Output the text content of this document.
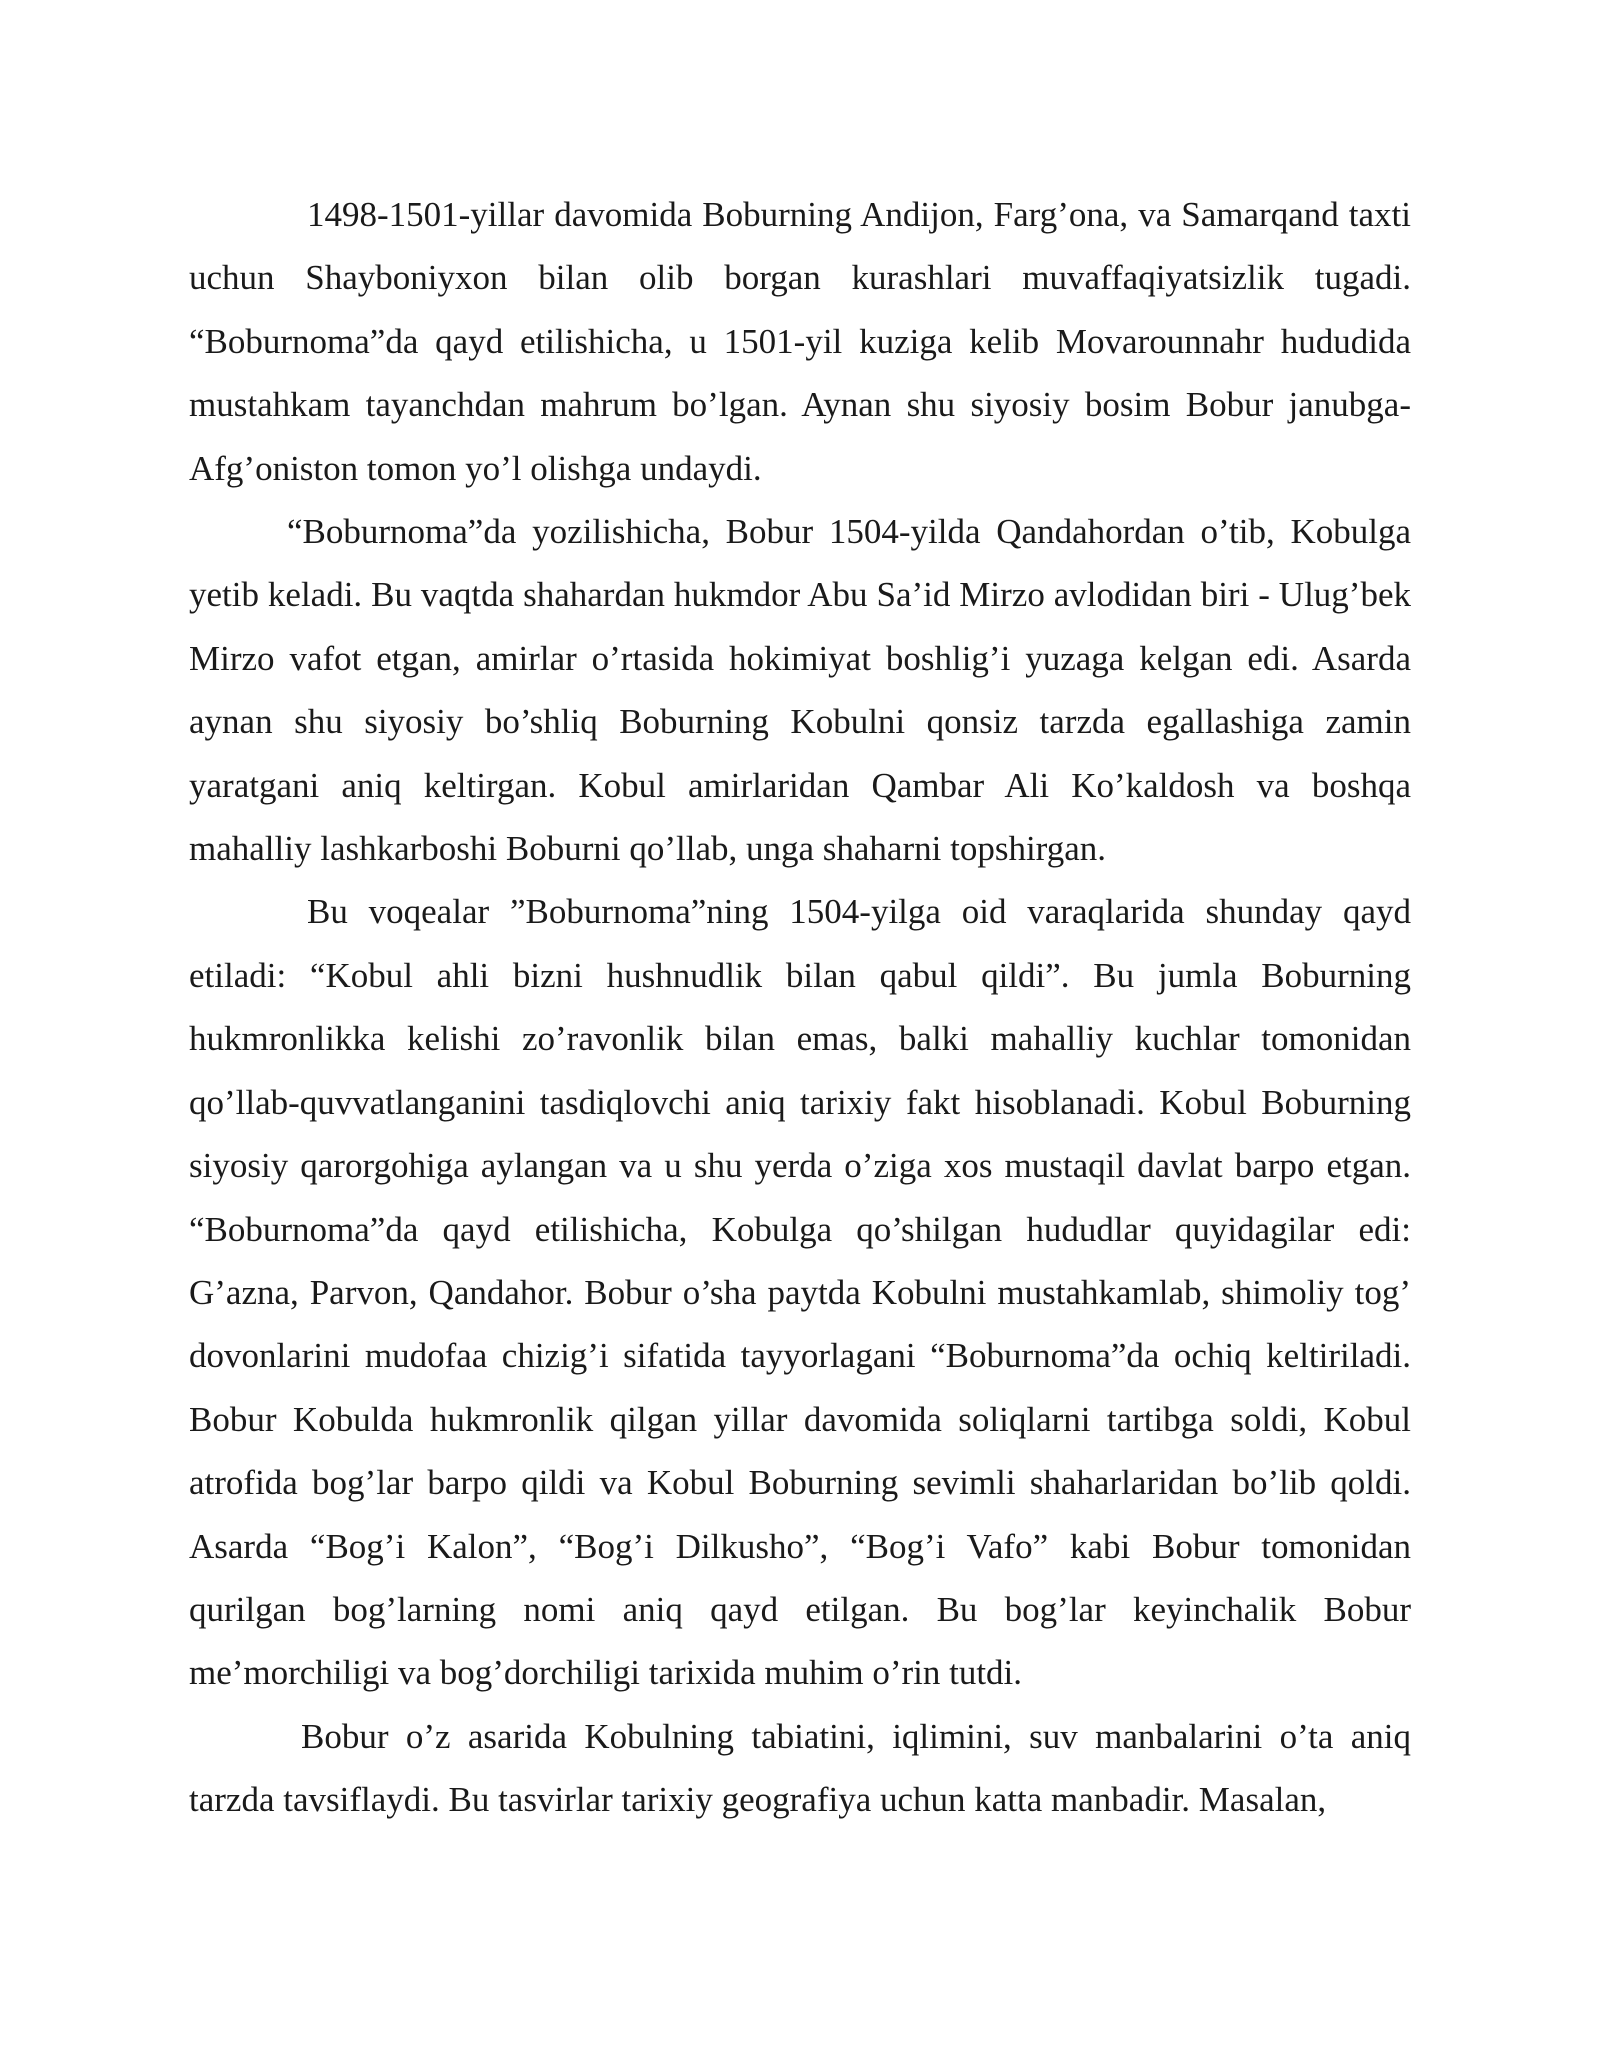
1498-1501-yillar davomida Boburning Andijon, Farg’ona, va Samarqand taxti uchun Shayboniyxon bilan olib borgan kurashlari muvaffaqiyatsizlik tugadi. “Boburnoma”da qayd etilishicha, u 1501-yil kuziga kelib Movarounnahr hududida mustahkam tayanchdan mahrum bo’lgan. Aynan shu siyosiy bosim Bobur janubga-Afg’oniston tomon yo’l olishga undaydi.

“Boburnoma”da yozilishicha, Bobur 1504-yilda Qandahordan o’tib, Kobulga yetib keladi. Bu vaqtda shahardan hukmdor Abu Sa’id Mirzo avlodidan biri - Ulug’bek Mirzo vafot etgan, amirlar o’rtasida hokimiyat boshlig’i yuzaga kelgan edi. Asarda aynan shu siyosiy bo’shliq Boburning Kobulni qonsiz tarzda egallashiga zamin yaratgani aniq keltirgan. Kobul amirlaridan Qambar Ali Ko’kaldosh va boshqa mahalliy lashkarboshi Boburni qo’llab, unga shaharni topshirgan.

Bu voqealar ”Boburnoma”ning 1504-yilga oid varaqlarida shunday qayd etiladi: “Kobul ahli bizni hushnudlik bilan qabul qildi”. Bu jumla Boburning hukmronlikka kelishi zo’ravonlik bilan emas, balki mahalliy kuchlar tomonidan qo’llab-quvvatlanganini tasdiqlovchi aniq tarixiy fakt hisoblanadi. Kobul Boburning siyosiy qarorgohiga aylangan va u shu yerda o’ziga xos mustaqil davlat barpo etgan. “Boburnoma”da qayd etilishicha, Kobulga qo’shilgan hududlar quyidagilar edi: G’azna, Parvon, Qandahor. Bobur o’sha paytda Kobulni mustahkamlab, shimoliy tog’ dovonlarini mudofaa chizig’i sifatida tayyorlagani “Boburnoma”da ochiq keltiriladi. Bobur Kobulda hukmronlik qilgan yillar davomida soliqlarni tartibga soldi, Kobul atrofida bog’lar barpo qildi va Kobul Boburning sevimli shaharlaridan bo’lib qoldi. Asarda “Bog’i Kalon”, “Bog’i Dilkusho”, “Bog’i Vafo” kabi Bobur tomonidan qurilgan bog’larning nomi aniq qayd etilgan. Bu bog’lar keyinchalik Bobur me’morchiligi va bog’dorchiligi tarixida muhim o’rin tutdi.

Bobur o’z asarida Kobulning tabiatini, iqlimini, suv manbalarini o’ta aniq tarzda tavsiflaydi. Bu tasvirlar tarixiy geografiya uchun katta manbadir. Masalan,
